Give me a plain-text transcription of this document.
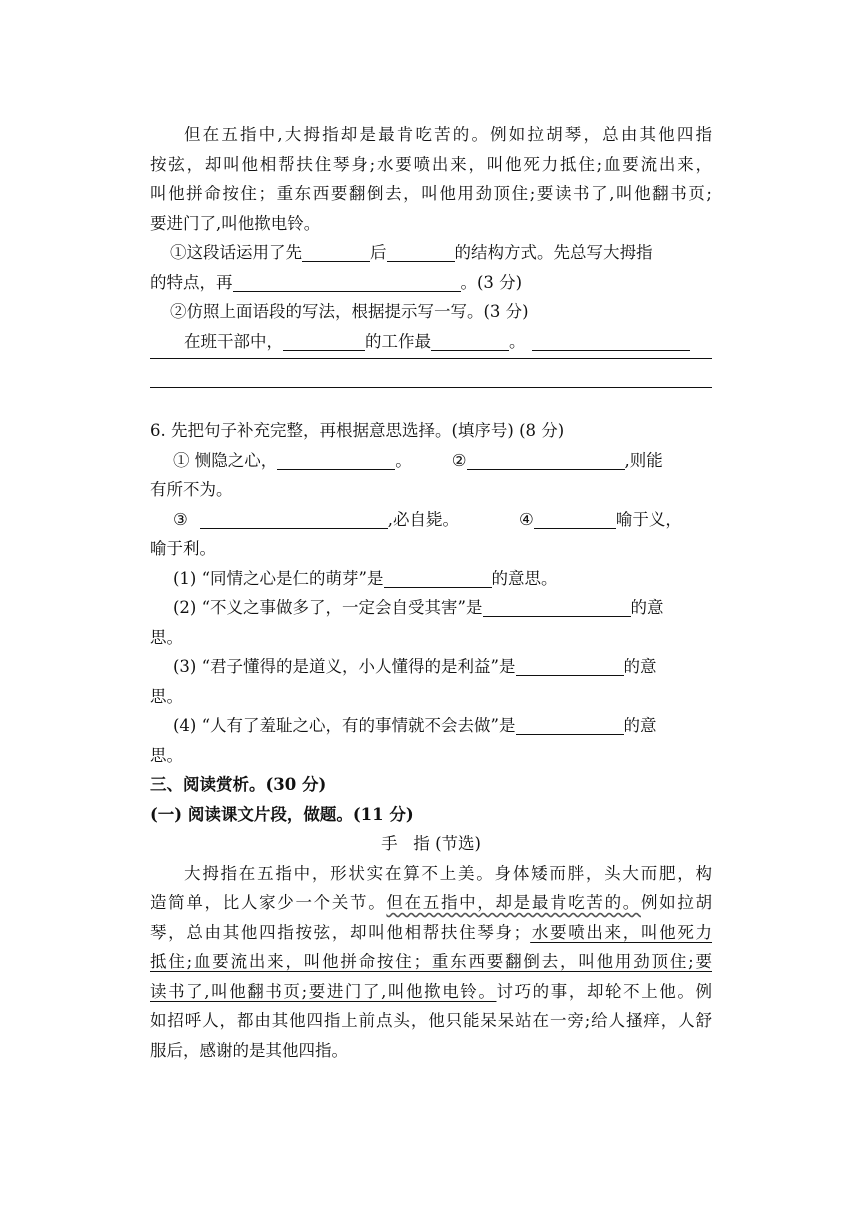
但在五指中,大拇指却是最肯吃苦的。例如拉胡琴，总由其他四指
按弦，却叫他相帮扶住琴身;水要喷出来，叫他死力抵住;血要流出来，
叫他拼命按住；重东西要翻倒去，叫他用劲顶住;要读书了,叫他翻书页;
要进门了,叫他揿电铃。
①这段话运用了先	后	的结构方式。先总写大拇指
的特点，再	。(3 分)
②仿照上面语段的写法，根据提示写一写。(3 分)
在班干部中，	的工作最	。
6. 先把句子补充完整，再根据意思选择。(填序号) (8 分)
① 恻隐之心，	。 ②	,则能
有所不为。
③	,必自毙。	④	喻于义，
喻于利。
(1) “同情之心是仁的萌芽”是	的意思。
(2) “不义之事做多了，一定会自受其害”是	的意
思。
(3) “君子懂得的是道义，小人懂得的是利益”是	的意
思。
(4) “人有了羞耻之心，有的事情就不会去做”是	的意
思。
三、阅读赏析。(30 分)
(一) 阅读课文片段，做题。(11 分)
手   指 (节选)
大拇指在五指中，形状实在算不上美。身体矮而胖，头大而肥，构
造简单，比人家少一个关节。但在五指中，却是最肯吃苦的。例如拉胡
琴，总由其他四指按弦，却叫他相帮扶住琴身；水要喷出来，叫他死力
抵住;血要流出来，叫他拼命按住；重东西要翻倒去，叫他用劲顶住;要
读书了,叫他翻书页;要进门了,叫他揿电铃。讨巧的事，却轮不上他。例
如招呼人，都由其他四指上前点头，他只能呆呆站在一旁;给人搔痒，人舒
服后，感谢的是其他四指。
